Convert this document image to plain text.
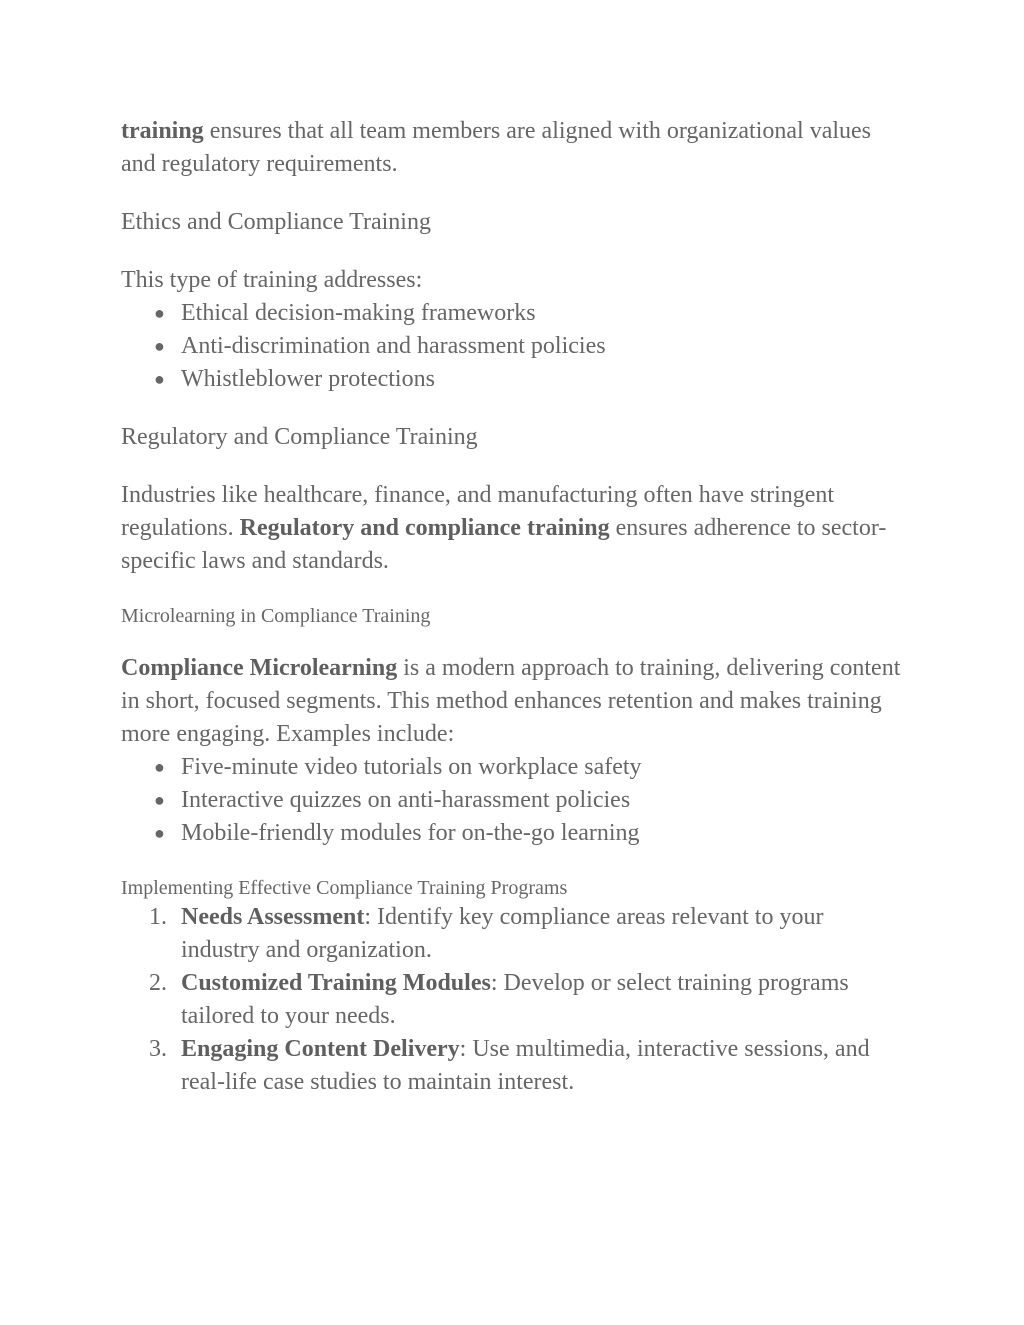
training ensures that all team members are aligned with organizational values and regulatory requirements.

Ethics and Compliance Training

This type of training addresses:

● Ethical decision-making frameworks
● Anti-discrimination and harassment policies
● Whistleblower protections

Regulatory and Compliance Training

Industries like healthcare, finance, and manufacturing often have stringent regulations. Regulatory and compliance training ensures adherence to sector-specific laws and standards.

Microlearning in Compliance Training

Compliance Microlearning is a modern approach to training, delivering content in short, focused segments. This method enhances retention and makes training more engaging. Examples include:

● Five-minute video tutorials on workplace safety
● Interactive quizzes on anti-harassment policies
● Mobile-friendly modules for on-the-go learning

Implementing Effective Compliance Training Programs

1. Needs Assessment: Identify key compliance areas relevant to your industry and organization.
2. Customized Training Modules: Develop or select training programs tailored to your needs.
3. Engaging Content Delivery: Use multimedia, interactive sessions, and real-life case studies to maintain interest.
